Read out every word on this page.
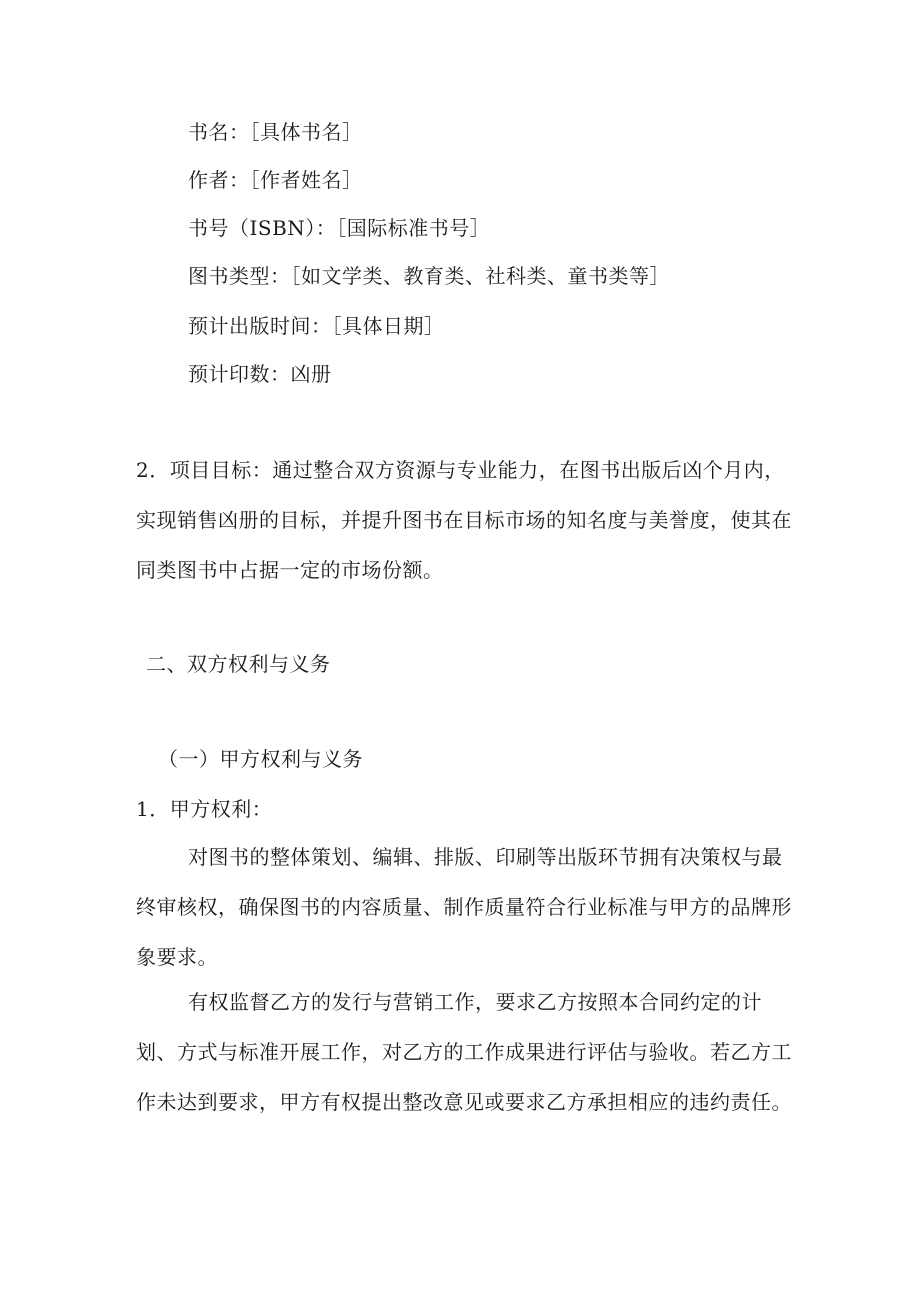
书名：［具体书名］
作者：［作者姓名］
书号（ISBN）：［国际标准书号］
图书类型：［如文学类、教育类、社科类、童书类等］
预计出版时间：［具体日期］
预计印数：凶册

2．项目目标：通过整合双方资源与专业能力，在图书出版后凶个月内，

实现销售凶册的目标，并提升图书在目标市场的知名度与美誉度，使其在

同类图书中占据一定的市场份额。

二、双方权利与义务
（一）甲方权利与义务
1．甲方权利：

对图书的整体策划、编辑、排版、印刷等出版环节拥有决策权与最

终审核权，确保图书的内容质量、制作质量符合行业标准与甲方的品牌形

象要求。

有权监督乙方的发行与营销工作，要求乙方按照本合同约定的计

划、方式与标准开展工作，对乙方的工作成果进行评估与验收。若乙方工

作未达到要求，甲方有权提出整改意见或要求乙方承担相应的违约责任。
